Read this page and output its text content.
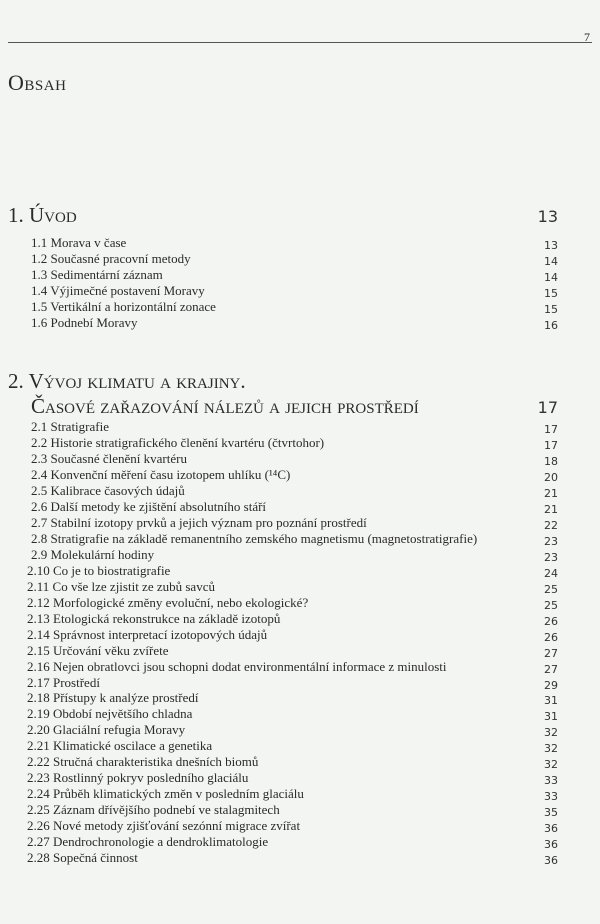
7
Obsah
1. Úvod	13
1.1 Morava v čase	13
1.2 Současné pracovní metody	14
1.3 Sedimentární záznam	14
1.4 Výjimečné postavení Moravy	15
1.5 Vertikální a horizontální zonace	15
1.6 Podnebí Moravy	16
2. Vývoj klimatu a krajiny.
Časové zařazování nálezů a jejich prostředí	17
2.1 Stratigrafie	17
2.2 Historie stratigrafického členění kvartéru (čtvrtohor)	17
2.3 Současné členění kvartéru	18
2.4 Konvenční měření času izotopem uhlíku (¹⁴C)	20
2.5 Kalibrace časových údajů	21
2.6 Další metody ke zjištění absolutního stáří	21
2.7 Stabilní izotopy prvků a jejich význam pro poznání prostředí	22
2.8 Stratigrafie na základě remanentního zemského magnetismu (magnetostratigrafie)	23
2.9 Molekulární hodiny	23
2.10 Co je to biostratigrafie	24
2.11 Co vše lze zjistit ze zubů savců	25
2.12 Morfologické změny evoluční, nebo ekologické?	25
2.13 Etologická rekonstrukce na základě izotopů	26
2.14 Správnost interpretací izotopových údajů	26
2.15 Určování věku zvířete	27
2.16 Nejen obratlovci jsou schopni dodat environmentální informace z minulosti	27
2.17 Prostředí	29
2.18 Přístupy k analýze prostředí	31
2.19 Období největšího chladna	31
2.20 Glaciální refugia Moravy	32
2.21 Klimatické oscilace a genetika	32
2.22 Stručná charakteristika dnešních biomů	32
2.23 Rostlinný pokryv posledního glaciálu	33
2.24 Průběh klimatických změn v posledním glaciálu	33
2.25 Záznam dřívějšího podnebí ve stalagmitech	35
2.26 Nové metody zjišťování sezónní migrace zvířat	36
2.27 Dendrochronologie a dendroklimatologie	36
2.28 Sopečná činnost	36
